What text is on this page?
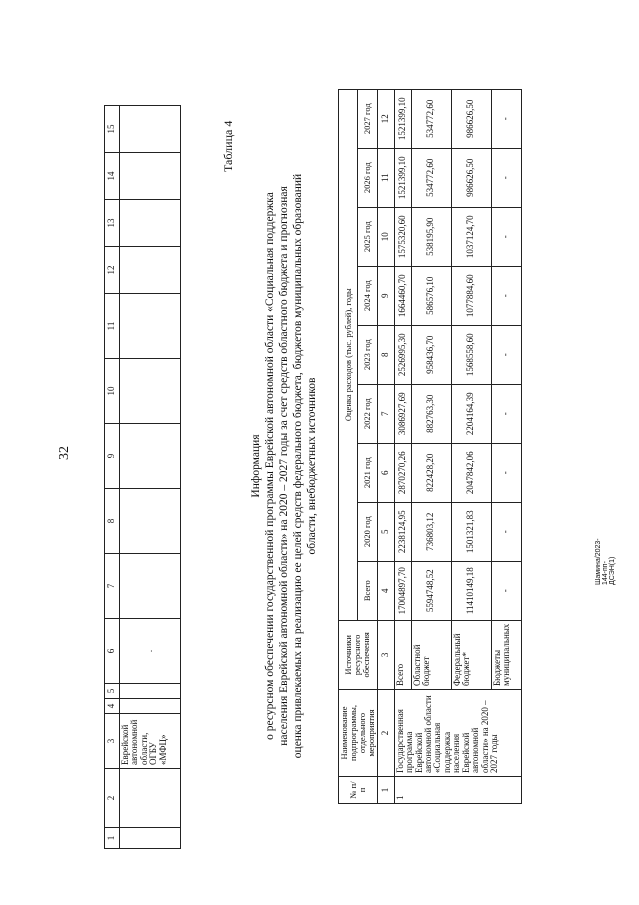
32
1	2	3	4	5	6	7	8	9	10	11	12	13	14	15
		Еврейской автономной области, ОГБУ «МФЦ»			.									
Таблица 4
Информация о ресурсном обеспечении государственной программы Еврейской автономной области «Социальная поддержка населения Еврейской автономной области» на 2020 – 2027 годы за счет средств областного бюджета и прогнозная оценка привлекаемых на реализацию ее целей средств федерального бюджета, бюджетов муниципальных образований области, внебюджетных источников
№ п/п	Наименование подпрограммы, отдельного мероприятия	Источники ресурсного обеспечения	Оценка расходов (тыс. рублей), годы								
			Всего	2020 год	2021 год	2022 год	2023 год	2024 год	2025 год	2026 год	2027 год
1	2	3	4	5	6	7	8	9	10	11	12
1	Государственная программа Еврейской автономной области «Социальная поддержка населения Еврейской автономной области» на 2020 – 2027 годы	Всего	17004897,70	2238124,95	2870270,26	3086927,69	2526995,30	1664460,70	1575320,60	1521399,10	1521399,10
		Областной бюджет	5594748,52	736803,12	822428,20	882763,30	958436,70	586576,10	538195,90	534772,60	534772,60
		Федеральный бюджет*	11410149,18	1501321,83	2047842,06	2204164,39	1568558,60	1077884,60	1037124,70	986626,50	986626,50
		Бюджеты муниципальных	-	-	-	-	-	-	-	-	-
Шамина/2023-144-пп-ДСЭН(1)
